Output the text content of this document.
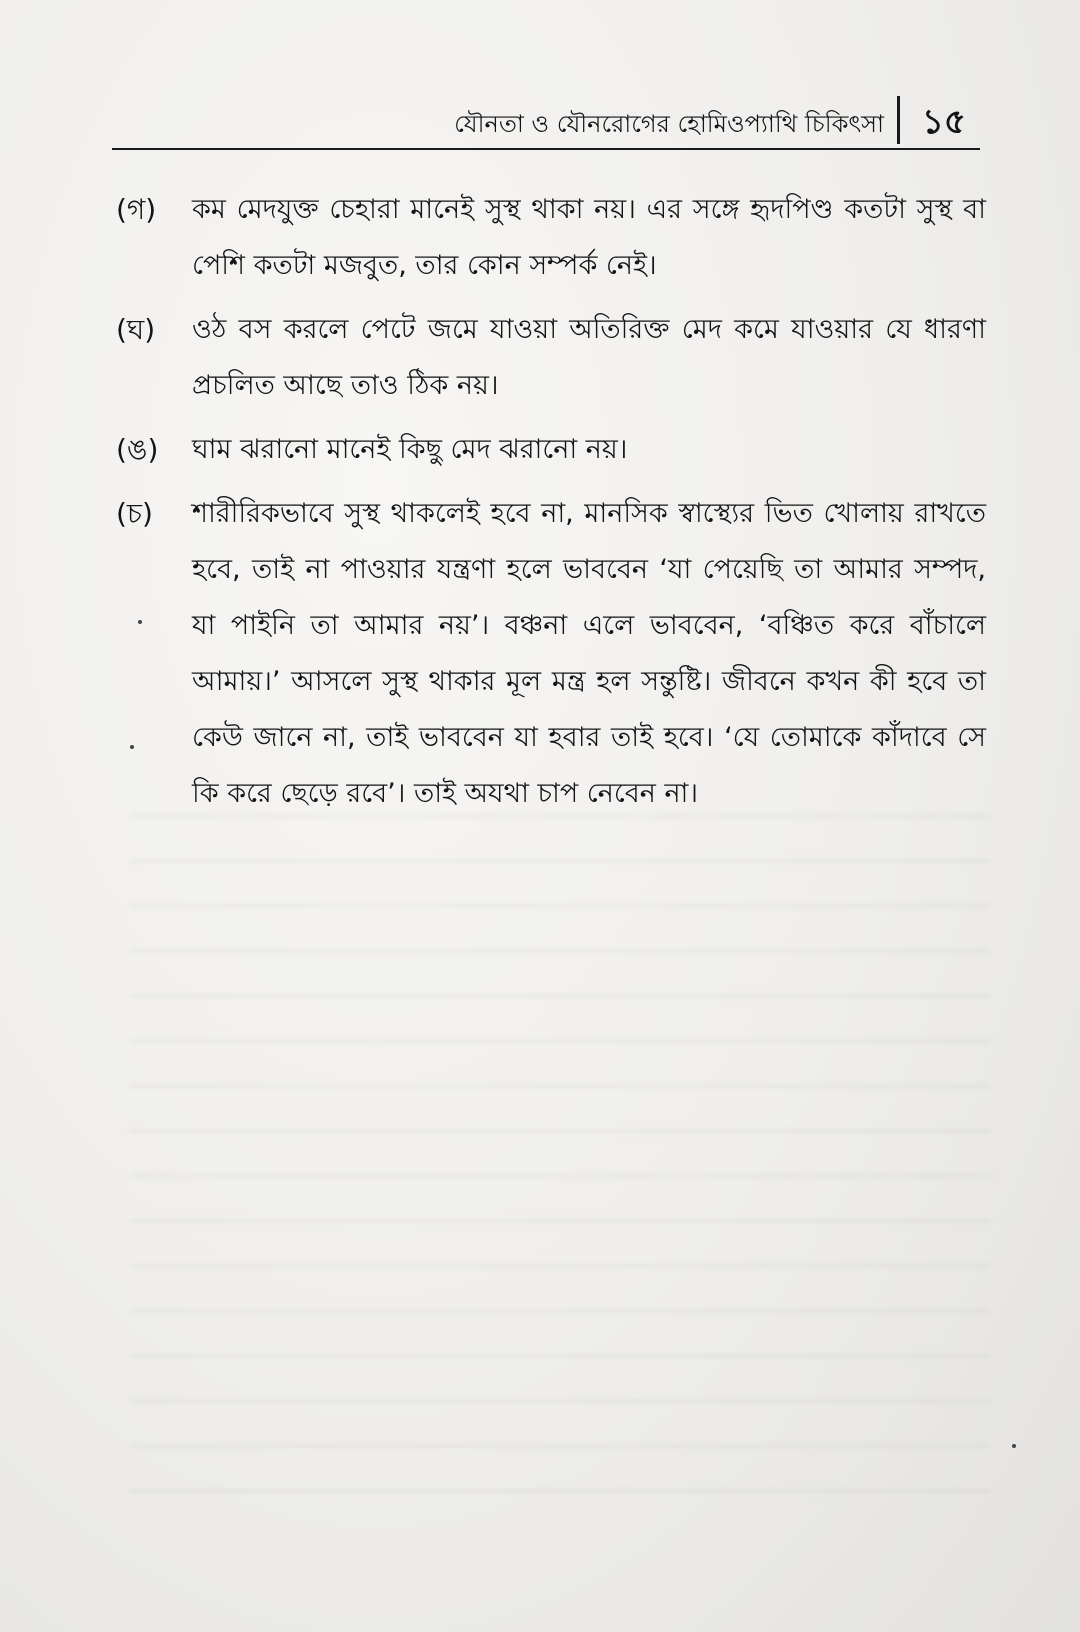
যৌনতা ও যৌনরোগের হোমিওপ্যাথি চিকিৎসা ১৫
(গ)	কম মেদযুক্ত চেহারা মানেই সুস্থ থাকা নয়। এর সঙ্গে হৃদপিণ্ড কতটা সুস্থ বা পেশি কতটা মজবুত, তার কোন সম্পর্ক নেই।
(ঘ)	ওঠ বস করলে পেটে জমে যাওয়া অতিরিক্ত মেদ কমে যাওয়ার যে ধারণা প্রচলিত আছে তাও ঠিক নয়।
(ঙ)	ঘাম ঝরানো মানেই কিছু মেদ ঝরানো নয়।
(চ)	শারীরিকভাবে সুস্থ থাকলেই হবে না, মানসিক স্বাস্থ্যের ভিত খোলায় রাখতে হবে, তাই না পাওয়ার যন্ত্রণা হলে ভাববেন ‘যা পেয়েছি তা আমার সম্পদ, যা পাইনি তা আমার নয়’। বঞ্চনা এলে ভাববেন, ‘বঞ্চিত করে বাঁচালে আমায়।’ আসলে সুস্থ থাকার মূল মন্ত্র হল সন্তুষ্টি। জীবনে কখন কী হবে তা কেউ জানে না, তাই ভাববেন যা হবার তাই হবে। ‘যে তোমাকে কাঁদাবে সে কি করে ছেড়ে রবে’। তাই অযথা চাপ নেবেন না।
